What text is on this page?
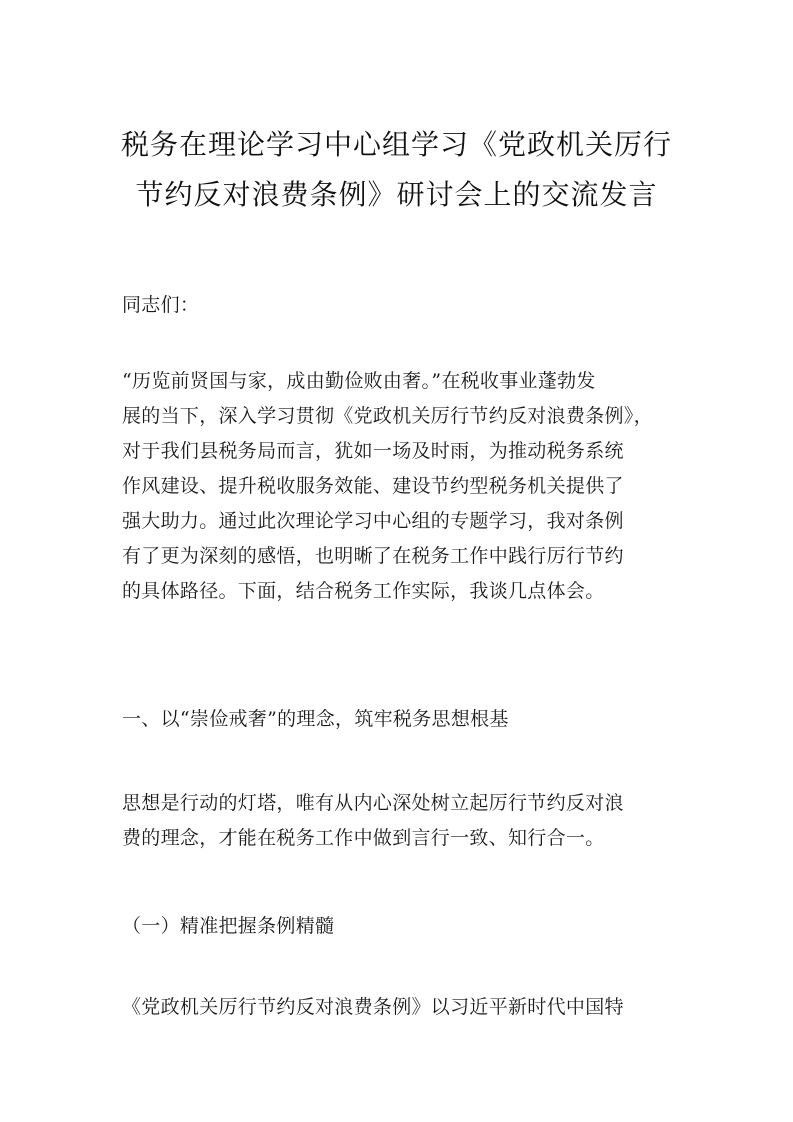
税务在理论学习中心组学习《党政机关厉行
节约反对浪费条例》研讨会上的交流发言

同志们：

“历览前贤国与家，成由勤俭败由奢。”在税收事业蓬勃发
展的当下，深入学习贯彻《党政机关厉行节约反对浪费条例》，
对于我们县税务局而言，犹如一场及时雨，为推动税务系统
作风建设、提升税收服务效能、建设节约型税务机关提供了
强大助力。通过此次理论学习中心组的专题学习，我对条例
有了更为深刻的感悟，也明晰了在税务工作中践行厉行节约
的具体路径。下面，结合税务工作实际，我谈几点体会。

一、以“崇俭戒奢”的理念，筑牢税务思想根基

思想是行动的灯塔，唯有从内心深处树立起厉行节约反对浪
费的理念，才能在税务工作中做到言行一致、知行合一。

（一）精准把握条例精髓

《党政机关厉行节约反对浪费条例》以习近平新时代中国特
